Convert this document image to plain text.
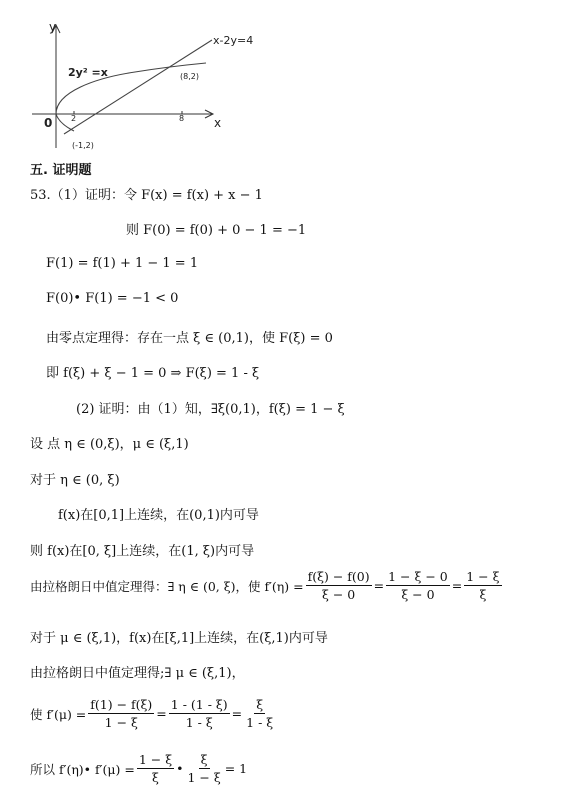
y
x
0
2y² =x
x-2y=4
(8,2)
(-1,2)
2	8
五. 证明题
53.（1）证明：令 F(x) = f(x) + x − 1
则 F(0) = f(0) + 0 − 1 = −1
F(1) = f(1) + 1 − 1 = 1
F(0)• F(1) = −1 < 0
由零点定理得：存在一点 ξ ∈ (0,1)，使 F(ξ) = 0
即 f(ξ) + ξ − 1 = 0 ⇒ F(ξ) = 1 - ξ
(2) 证明：由（1）知，∃ξ(0,1)，f(ξ) = 1 − ξ
设 点 η ∈ (0,ξ)，μ ∈ (ξ,1)
对于 η ∈ (0, ξ)
f(x)在[0,1]上连续，在(0,1)内可导
则 f(x)在[0, ξ]上连续，在(1, ξ)内可导
由拉格朗日中值定理得：∃ η ∈ (0, ξ)，使 $f'(\eta) = \frac{f(\xi) - f(0)}{\xi - 0} = \frac{1 - \xi - 0}{\xi - 0} = \frac{1 - \xi}{\xi}$
对于 μ ∈ (ξ,1)，f(x)在[ξ,1]上连续，在(ξ,1)内可导
由拉格朗日中值定理得;∃ μ ∈ (ξ,1)，
使 $f'(\mu) = \frac{f(1) - f(\xi)}{1 - \xi} = \frac{1 - (1 - \xi)}{1 - \xi} = \frac{\xi}{1 - \xi}$
所以 f′(η)• $f'(\mu) = \frac{1 - \xi}{\xi}$ • $\frac{\xi}{1 - \xi} = 1$
